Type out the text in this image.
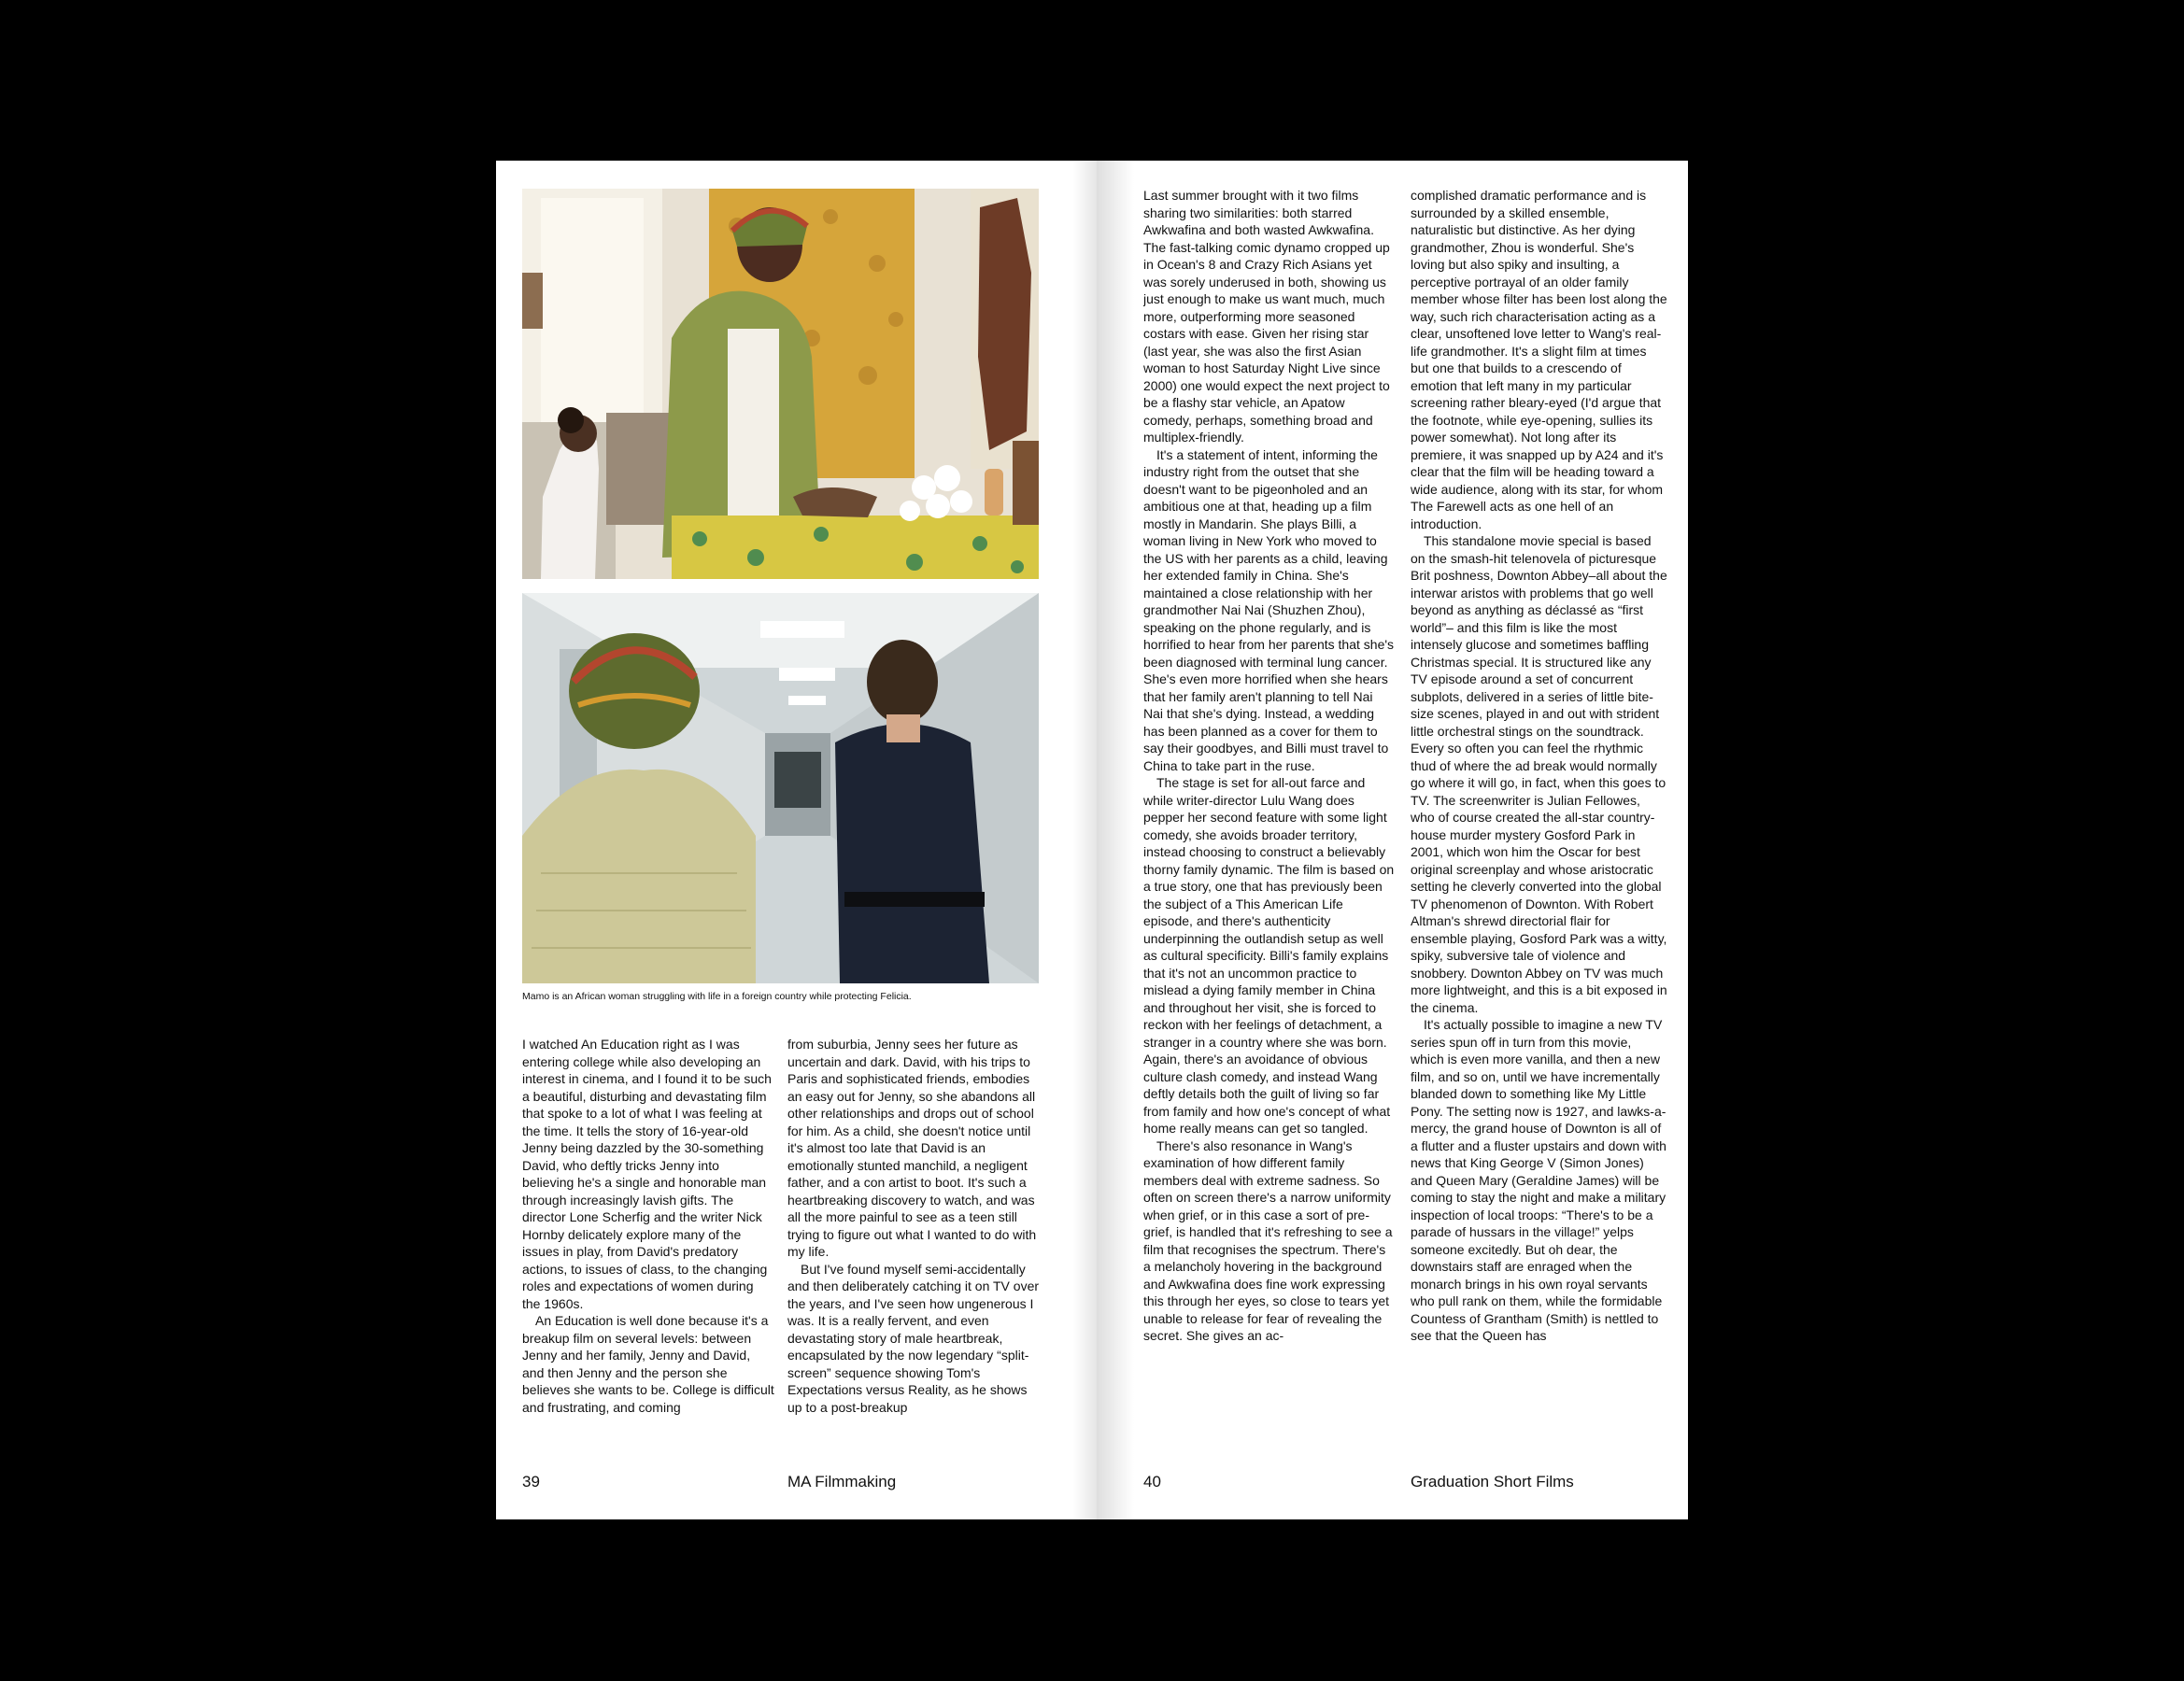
Mamo is an African woman struggling with life in a foreign country while protecting Felicia.

I watched An Education right as I was entering college while also developing an interest in cinema, and I found it to be such a beautiful, disturbing and devastating film that spoke to a lot of what I was feeling at the time. It tells the story of 16-year-old Jenny being dazzled by the 30-something David, who deftly tricks Jenny into believing he's a single and honorable man through increasingly lavish gifts. The director Lone Scherfig and the writer Nick Hornby delicately explore many of the issues in play, from David's predatory actions, to issues of class, to the changing roles and expectations of women during the 1960s.

An Education is well done because it's a breakup film on several levels: between Jenny and her family, Jenny and David, and then Jenny and the person she believes she wants to be. College is difficult and frustrating, and coming

from suburbia, Jenny sees her future as uncertain and dark. David, with his trips to Paris and sophisticated friends, embodies an easy out for Jenny, so she abandons all other relationships and drops out of school for him. As a child, she doesn't notice until it's almost too late that David is an emotionally stunted manchild, a negligent father, and a con artist to boot. It's such a heartbreaking discovery to watch, and was all the more painful to see as a teen still trying to figure out what I wanted to do with my life.

But I've found myself semi-accidentally and then deliberately catching it on TV over the years, and I've seen how ungenerous I was. It is a really fervent, and even devastating story of male heartbreak, encapsulated by the now legendary “split-screen” sequence showing Tom's Expectations versus Reality, as he shows up to a post-breakup

39	MA Filmmaking

Last summer brought with it two films sharing two similarities: both starred Awkwafina and both wasted Awkwafina. The fast-talking comic dynamo cropped up in Ocean's 8 and Crazy Rich Asians yet was sorely underused in both, showing us just enough to make us want much, much more, outperforming more seasoned costars with ease. Given her rising star (last year, she was also the first Asian woman to host Saturday Night Live since 2000) one would expect the next project to be a flashy star vehicle, an Apatow comedy, perhaps, something broad and multiplex-friendly.

It's a statement of intent, informing the industry right from the outset that she doesn't want to be pigeonholed and an ambitious one at that, heading up a film mostly in Mandarin. She plays Billi, a woman living in New York who moved to the US with her parents as a child, leaving her extended family in China. She's maintained a close relationship with her grandmother Nai Nai (Shuzhen Zhou), speaking on the phone regularly, and is horrified to hear from her parents that she's been diagnosed with terminal lung cancer. She's even more horrified when she hears that her family aren't planning to tell Nai Nai that she's dying. Instead, a wedding has been planned as a cover for them to say their goodbyes, and Billi must travel to China to take part in the ruse.

The stage is set for all-out farce and while writer-director Lulu Wang does pepper her second feature with some light comedy, she avoids broader territory, instead choosing to construct a believably thorny family dynamic. The film is based on a true story, one that has previously been the subject of a This American Life episode, and there's authenticity underpinning the outlandish setup as well as cultural specificity. Billi's family explains that it's not an uncommon practice to mislead a dying family member in China and throughout her visit, she is forced to reckon with her feelings of detachment, a stranger in a country where she was born. Again, there's an avoidance of obvious culture clash comedy, and instead Wang deftly details both the guilt of living so far from family and how one's concept of what home really means can get so tangled.

There's also resonance in Wang's examination of how different family members deal with extreme sadness. So often on screen there's a narrow uniformity when grief, or in this case a sort of pre-grief, is handled that it's refreshing to see a film that recognises the spectrum. There's a melancholy hovering in the background and Awkwafina does fine work expressing this through her eyes, so close to tears yet unable to release for fear of revealing the secret. She gives an ac-

complished dramatic performance and is surrounded by a skilled ensemble, naturalistic but distinctive. As her dying grandmother, Zhou is wonderful. She's loving but also spiky and insulting, a perceptive portrayal of an older family member whose filter has been lost along the way, such rich characterisation acting as a clear, unsoftened love letter to Wang's real-life grandmother. It's a slight film at times but one that builds to a crescendo of emotion that left many in my particular screening rather bleary-eyed (I'd argue that the footnote, while eye-opening, sullies its power somewhat). Not long after its premiere, it was snapped up by A24 and it's clear that the film will be heading toward a wide audience, along with its star, for whom The Farewell acts as one hell of an introduction.

This standalone movie special is based on the smash-hit telenovela of picturesque Brit poshness, Downton Abbey–all about the interwar aristos with problems that go well beyond as anything as déclassé as “first world”– and this film is like the most intensely glucose and sometimes baffling Christmas special. It is structured like any TV episode around a set of concurrent subplots, delivered in a series of little bite-size scenes, played in and out with strident little orchestral stings on the soundtrack. Every so often you can feel the rhythmic thud of where the ad break would normally go where it will go, in fact, when this goes to TV. The screenwriter is Julian Fellowes, who of course created the all-star country-house murder mystery Gosford Park in 2001, which won him the Oscar for best original screenplay and whose aristocratic setting he cleverly converted into the global TV phenomenon of Downton. With Robert Altman's shrewd directorial flair for ensemble playing, Gosford Park was a witty, spiky, subversive tale of violence and snobbery. Downton Abbey on TV was much more lightweight, and this is a bit exposed in the cinema.

It's actually possible to imagine a new TV series spun off in turn from this movie, which is even more vanilla, and then a new film, and so on, until we have incrementally blanded down to something like My Little Pony. The setting now is 1927, and lawks-a-mercy, the grand house of Downton is all of a flutter and a fluster upstairs and down with news that King George V (Simon Jones) and Queen Mary (Geraldine James) will be coming to stay the night and make a military inspection of local troops: “There's to be a parade of hussars in the village!” yelps someone excitedly. But oh dear, the downstairs staff are enraged when the monarch brings in his own royal servants who pull rank on them, while the formidable Countess of Grantham (Smith) is nettled to see that the Queen has

40	Graduation Short Films
